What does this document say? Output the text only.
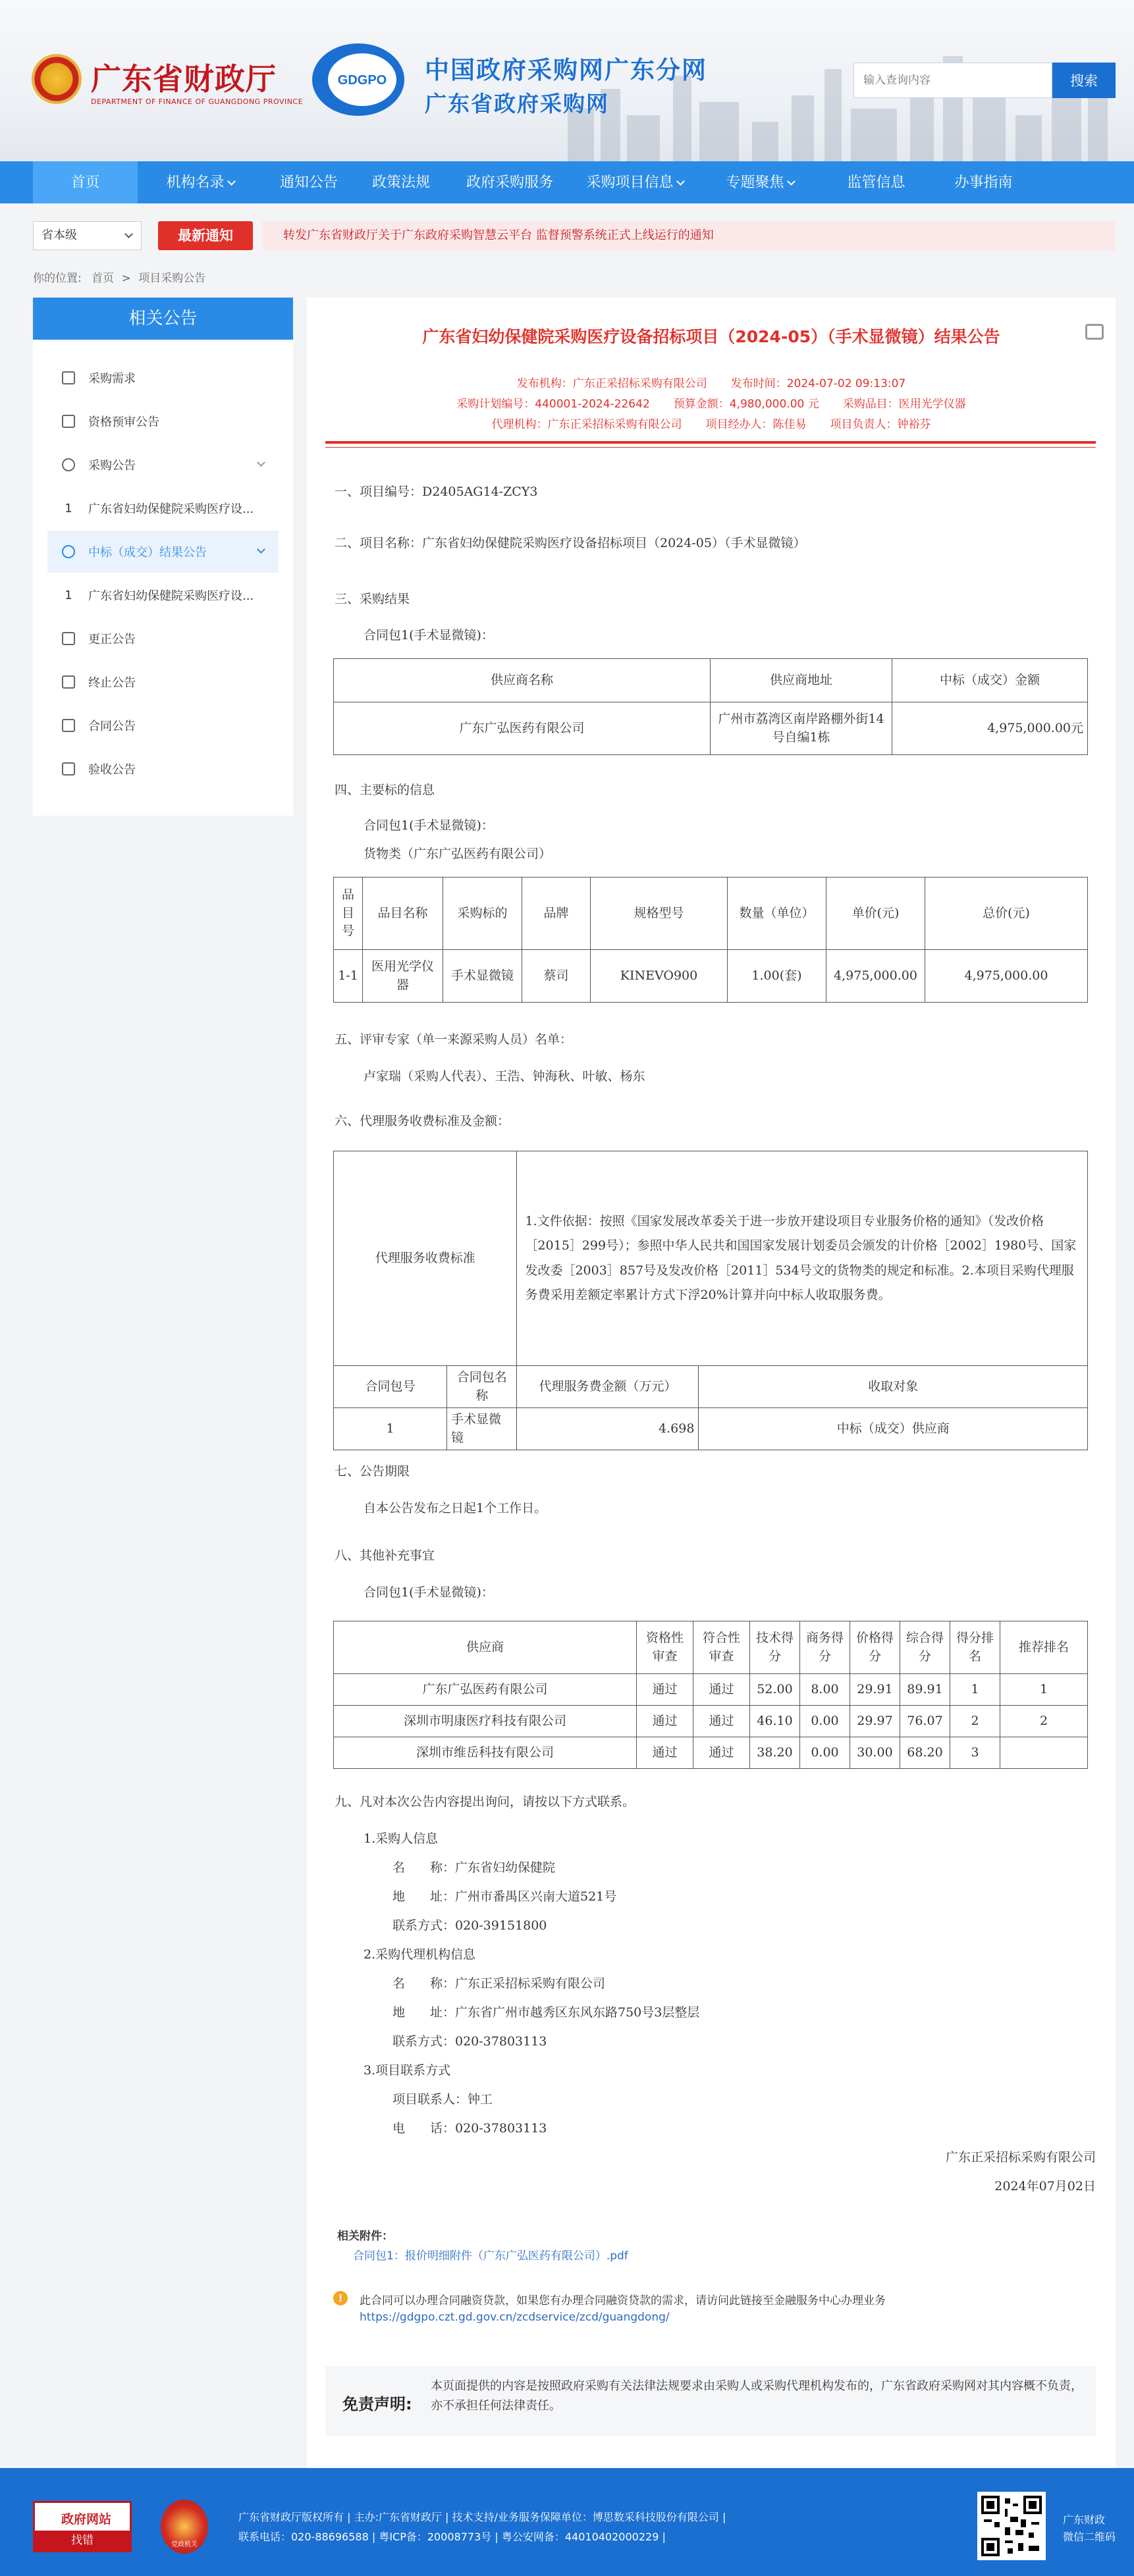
广东省财政厅
DEPARTMENT OF FINANCE OF GUANGDONG PROVINCE
GDGPO 中国政府采购网广东分网
广东省政府采购网
输入查询内容
搜索
首页	机构名录	通知公告	政策法规	政府采购服务	采购项目信息	专题聚焦	监管信息	办事指南
省本级	最新通知	转发广东省财政厅关于广东政府采购智慧云平台 监督预警系统正式上线运行的通知
你的位置: 首页 > 项目采购公告
相关公告
采购需求
资格预审公告
采购公告
1 广东省妇幼保健院采购医疗设...
中标（成交）结果公告
1 广东省妇幼保健院采购医疗设...
更正公告
终止公告
合同公告
验收公告
广东省妇幼保健院采购医疗设备招标项目（2024-05）（手术显微镜）结果公告
发布机构：广东正采招标采购有限公司 发布时间：2024-07-02 09:13:07
采购计划编号：440001-2024-22642 预算金额：4,980,000.00 元 采购品目：医用光学仪器
代理机构：广东正采招标采购有限公司 项目经办人：陈佳易 项目负责人：钟裕芬
一、项目编号：D2405AG14-ZCY3
二、项目名称：广东省妇幼保健院采购医疗设备招标项目（2024-05）（手术显微镜）
三、采购结果
合同包1(手术显微镜)：
供应商名称	供应商地址	中标（成交）金额
广东广弘医药有限公司	广州市荔湾区南岸路棚外街14号自编1栋	4,975,000.00元
四、主要标的信息
合同包1(手术显微镜)：
货物类（广东广弘医药有限公司）
品目号	品目名称	采购标的	品牌	规格型号	数量（单位）	单价(元)	总价(元)
1-1	医用光学仪器	手术显微镜	蔡司	KINEVO900	1.00(套)	4,975,000.00	4,975,000.00
五、评审专家（单一来源采购人员）名单：
卢家瑞（采购人代表）、王浩、钟海秋、叶敏、杨东
六、代理服务收费标准及金额：
代理服务收费标准		1.文件依据：按照《国家发展改革委关于进一步放开建设项目专业服务价格的通知》（发改价格［2015］299号）；参照中华人民共和国国家发展计划委员会颁发的计价格［2002］1980号、国家发改委［2003］857号及发改价格［2011］534号文的货物类的规定和标准。2.本项目采购代理服务费采用差额定率累计方式下浮20%计算并向中标人收取服务费。	
合同包号	合同包名称	代理服务费金额（万元）	收取对象
1	手术显微镜	4.698	中标（成交）供应商
七、公告期限
自本公告发布之日起1个工作日。
八、其他补充事宜
合同包1(手术显微镜)：
供应商	资格性审查	符合性审查	技术得分	商务得分	价格得分	综合得分	得分排名	推荐排名
广东广弘医药有限公司	通过	通过	52.00	8.00	29.91	89.91	1	1
深圳市明康医疗科技有限公司	通过	通过	46.10	0.00	29.97	76.07	2	2
深圳市维岳科技有限公司	通过	通过	38.20	0.00	30.00	68.20	3	
九、凡对本次公告内容提出询问，请按以下方式联系。
1.采购人信息
名　　称：广东省妇幼保健院
地　　址：广州市番禺区兴南大道521号
联系方式：020-39151800
2.采购代理机构信息
名　　称：广东正采招标采购有限公司
地　　址：广东省广州市越秀区东风东路750号3层整层
联系方式：020-37803113
3.项目联系方式
项目联系人：钟工
电　　话：020-37803113
广东正采招标采购有限公司
2024年07月02日
相关附件：
合同包1：报价明细附件（广东广弘医药有限公司）.pdf
!	此合同可以办理合同融资贷款，如果您有办理合同融资贷款的需求，请访问此链接至金融服务中心办理业务
https://gdgpo.czt.gd.gov.cn/zcdservice/zcd/guangdong/
免责声明:
本页面提供的内容是按照政府采购有关法律法规要求由采购人或采购代理机构发布的，广东省政府采购网对其内容概不负责，亦不承担任何法律责任。
政府网站
找错	党政机关
广东省财政厅版权所有 | 主办:广东省财政厅 | 技术支持/业务服务保障单位：博思数采科技股份有限公司 |
联系电话：020-88696588 | 粤ICP备：20008773号 | 粤公安网备：44010402000229 |
广东财政
微信二维码
